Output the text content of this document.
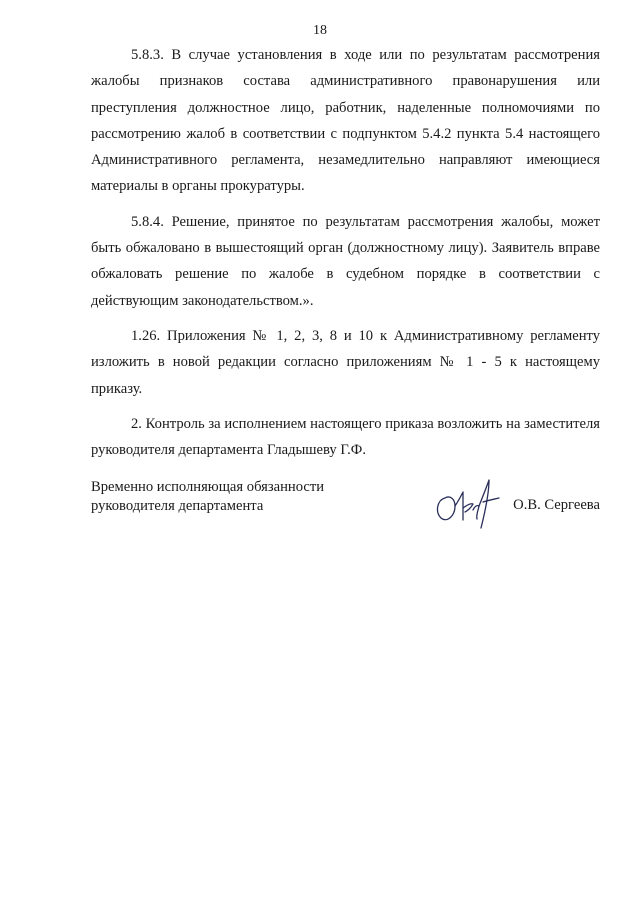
18

5.8.3. В случае установления в ходе или по результатам рассмотрения жалобы признаков состава административного правонарушения или преступления должностное лицо, работник, наделенные полномочиями по рассмотрению жалоб в соответствии с подпунктом 5.4.2 пункта 5.4 настоящего Административного регламента, незамедлительно направляют имеющиеся материалы в органы прокуратуры.

5.8.4. Решение, принятое по результатам рассмотрения жалобы, может быть обжаловано в вышестоящий орган (должностному лицу). Заявитель вправе обжаловать решение по жалобе в судебном порядке в соответствии с действующим законодательством.».

1.26. Приложения № 1, 2, 3, 8 и 10 к Административному регламенту изложить в новой редакции согласно приложениям № 1 - 5 к настоящему приказу.

2. Контроль за исполнением настоящего приказа возложить на заместителя руководителя департамента Гладышеву Г.Ф.

Временно исполняющая обязанности
руководителя департамента	О.В. Сергеева
